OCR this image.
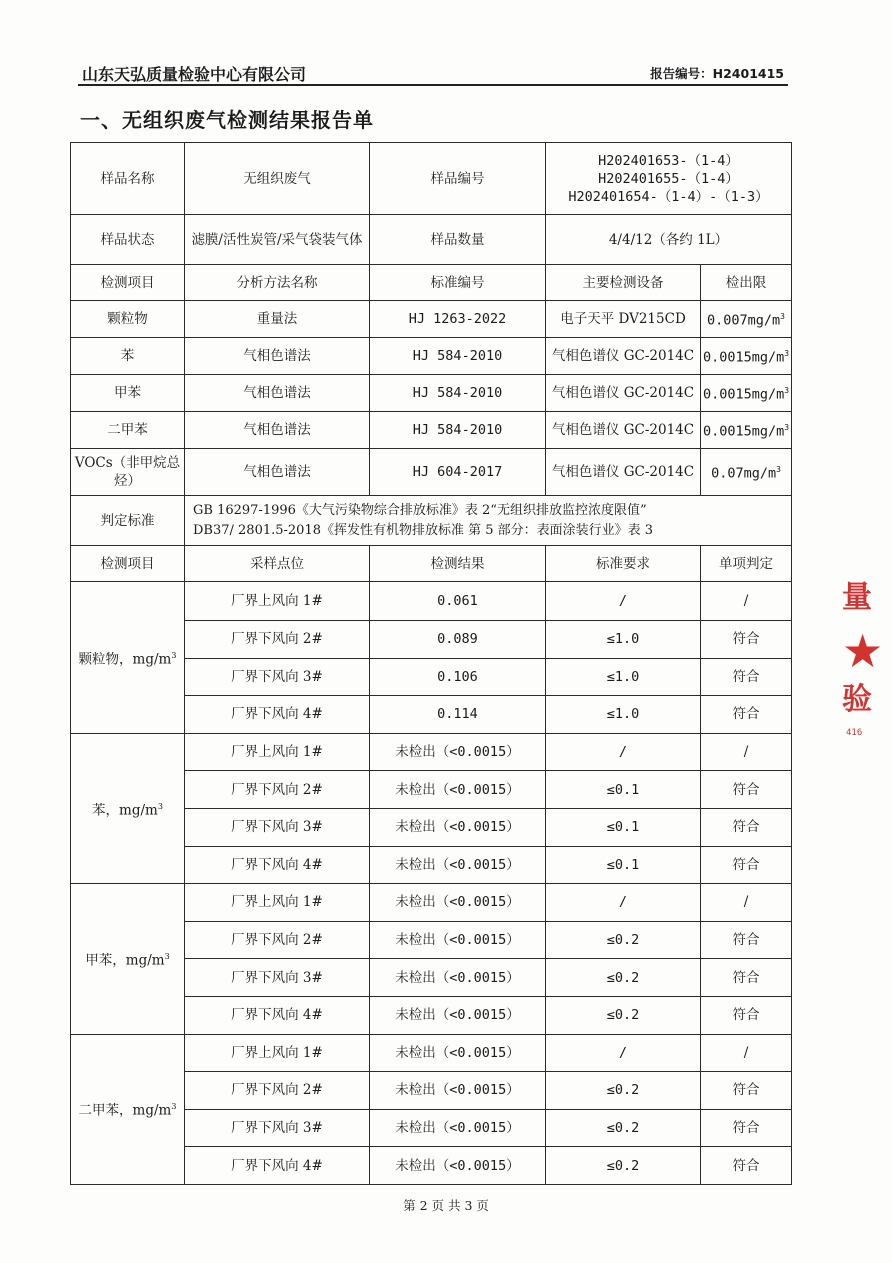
山东天弘质量检验中心有限公司	报告编号：H2401415
一、无组织废气检测结果报告单
样品名称	无组织废气	样品编号	H202401653-（1-4）
H202401655-（1-4）
H202401654-（1-4）-（1-3）	

样品状态	滤膜/活性炭管/采气袋装气体	样品数量	4/4/12（各约 1L）	
检测项目	分析方法名称	标准编号	主要检测设备	检出限
颗粒物	重量法	HJ 1263-2022	电子天平 DV215CD	$0.007mg/m^3$
苯	气相色谱法	HJ 584-2010	气相色谱仪 GC-2014C	$0.0015mg/m^3$
甲苯	气相色谱法	HJ 584-2010	气相色谱仪 GC-2014C	$0.0015mg/m^3$
二甲苯	气相色谱法	HJ 584-2010	气相色谱仪 GC-2014C	$0.0015mg/m^3$
VOCs（非甲烷总烃）	气相色谱法	HJ 604-2017	气相色谱仪 GC-2014C	$0.07mg/m^3$
判定标准	GB 16297-1996《大气污染物综合排放标准》表 2“无组织排放监控浓度限值”
DB37/ 2801.5-2018《挥发性有机物排放标准 第 5 部分：表面涂装行业》表 3			

检测项目	采样点位	检测结果	标准要求	单项判定
颗粒物，$mg/m^3$	厂界上风向 1#	0.061	/	/
	厂界下风向 2#	0.089	≤1.0	符合
	厂界下风向 3#	0.106	≤1.0	符合
	厂界下风向 4#	0.114	≤1.0	符合
苯，$mg/m^3$	厂界上风向 1#	未检出（<0.0015）	/	/
	厂界下风向 2#	未检出（<0.0015）	≤0.1	符合
	厂界下风向 3#	未检出（<0.0015）	≤0.1	符合
	厂界下风向 4#	未检出（<0.0015）	≤0.1	符合
甲苯，$mg/m^3$	厂界上风向 1#	未检出（<0.0015）	/	/
	厂界下风向 2#	未检出（<0.0015）	≤0.2	符合
	厂界下风向 3#	未检出（<0.0015）	≤0.2	符合
	厂界下风向 4#	未检出（<0.0015）	≤0.2	符合
二甲苯，$mg/m^3$	厂界上风向 1#	未检出（<0.0015）	/	/
	厂界下风向 2#	未检出（<0.0015）	≤0.2	符合
	厂界下风向 3#	未检出（<0.0015）	≤0.2	符合
	厂界下风向 4#	未检出（<0.0015）	≤0.2	符合
第 2 页 共 3 页
量
★
验
416
